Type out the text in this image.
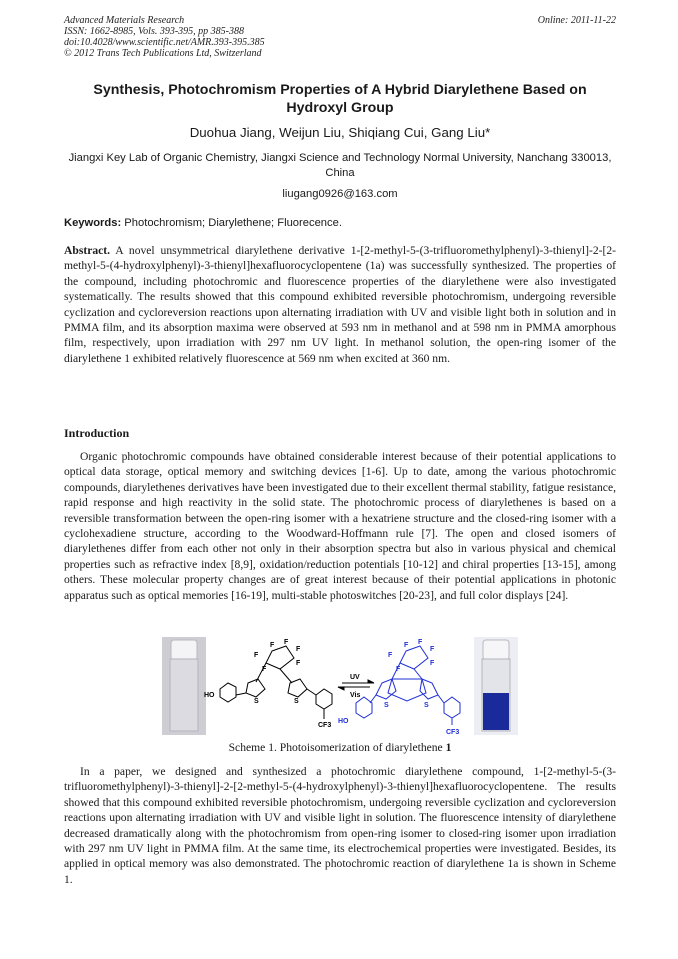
Advanced Materials Research
ISSN: 1662-8985, Vols. 393-395, pp 385-388
doi:10.4028/www.scientific.net/AMR.393-395.385
© 2012 Trans Tech Publications Ltd, Switzerland
Online: 2011-11-22
Synthesis, Photochromism Properties of A Hybrid Diarylethene Based on Hydroxyl Group
Duohua Jiang, Weijun Liu, Shiqiang Cui, Gang Liu*
Jiangxi Key Lab of Organic Chemistry, Jiangxi Science and Technology Normal University, Nanchang 330013, China
liugang0926@163.com
Keywords: Photochromism; Diarylethene; Fluorecence.
Abstract. A novel unsymmetrical diarylethene derivative 1-[2-methyl-5-(3-trifluoromethylphenyl)-3-thienyl]-2-[2-methyl-5-(4-hydroxylphenyl)-3-thienyl]hexafluorocyclopentene (1a) was successfully synthesized. The properties of the compound, including photochromic and fluorescence properties of the diarylethene were also investigated systematically. The results showed that this compound exhibited reversible photochromism, undergoing reversible cyclization and cycloreversion reactions upon alternating irradiation with UV and visible light both in solution and in PMMA film, and its absorption maxima were observed at 593 nm in methanol and at 598 nm in PMMA amorphous film, respectively, upon irradiation with 297 nm UV light. In methanol solution, the open-ring isomer of the diarylethene 1 exhibited relatively fluorescence at 569 nm when excited at 360 nm.
Introduction
Organic photochromic compounds have obtained considerable interest because of their potential applications to optical data storage, optical memory and switching devices [1-6]. Up to date, among the various photochromic compounds, diarylethenes derivatives have been investigated due to their excellent thermal stability, fatigue resistance, rapid response and high reactivity in the solid state. The photochromic process of diarylethenes is based on a reversible transformation between the open-ring isomer with a hexatriene structure and the closed-ring isomer with a cyclohexadiene structure, according to the Woodward-Hoffmann rule [7]. The open and closed isomers of diarylethenes differ from each other not only in their absorption spectra but also in various physical and chemical properties such as refractive index [8,9], oxidation/reduction potentials [10-12] and chiral properties [13-15], among others. These molecular property changes are of great interest because of their potential applications in photonic apparatus such as optical memories [16-19], multi-stable photoswitches [20-23], and full color displays [24].
F
F
F
F
F
F
S	S
HO
CF3
UV
Vis
F
F
F
F
F
F
S	S
HO
CF3
Scheme 1. Photoisomerization of diarylethene 1
In a paper, we designed and synthesized a photochromic diarylethene compound, 1-[2-methyl-5-(3-trifluoromethylphenyl)-3-thienyl]-2-[2-methyl-5-(4-hydroxylphenyl)-3-thienyl]hexafluorocyclopentene. The results showed that this compound exhibited reversible photochromism, undergoing reversible cyclization and cycloreversion reactions upon alternating irradiation with UV and visible light in solution. The fluorescence intensity of diarylethene decreased dramatically along with the photochromism from open-ring isomer to closed-ring isomer upon irradiation with 297 nm UV light in PMMA film. At the same time, its electrochemical properties were investigated. Besides, its applied in optical memory was also demonstrated. The photochromic reaction of diarylethene 1a is shown in Scheme 1.
